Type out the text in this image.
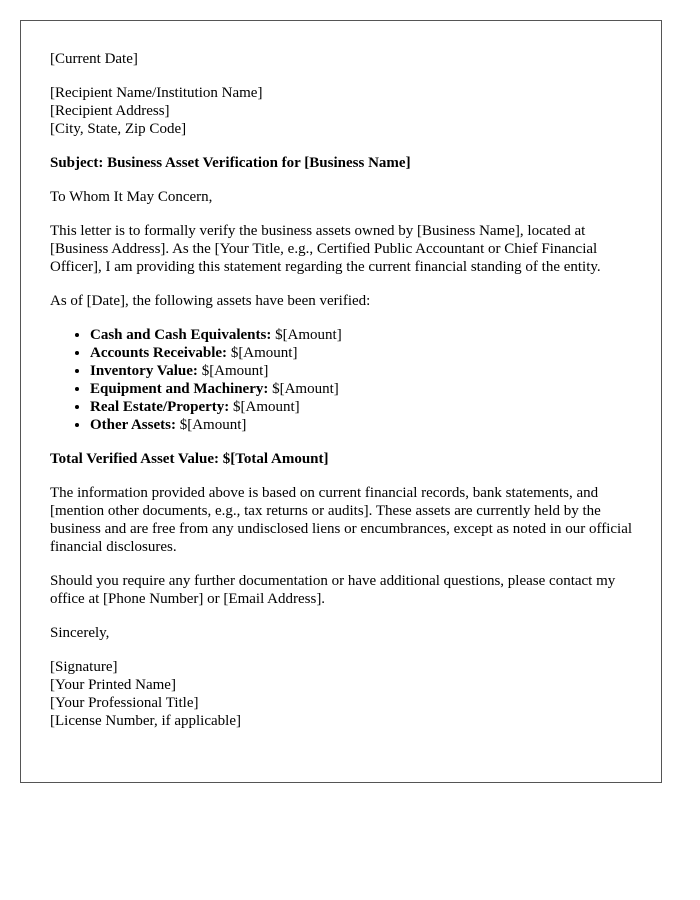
[Current Date]
[Recipient Name/Institution Name]
[Recipient Address]
[City, State, Zip Code]
Subject: Business Asset Verification for [Business Name]
To Whom It May Concern,
This letter is to formally verify the business assets owned by [Business Name], located at [Business Address]. As the [Your Title, e.g., Certified Public Accountant or Chief Financial Officer], I am providing this statement regarding the current financial standing of the entity.
As of [Date], the following assets have been verified:
• Cash and Cash Equivalents: $[Amount]
• Accounts Receivable: $[Amount]
• Inventory Value: $[Amount]
• Equipment and Machinery: $[Amount]
• Real Estate/Property: $[Amount]
• Other Assets: $[Amount]
Total Verified Asset Value: $[Total Amount]
The information provided above is based on current financial records, bank statements, and [mention other documents, e.g., tax returns or audits]. These assets are currently held by the business and are free from any undisclosed liens or encumbrances, except as noted in our official financial disclosures.
Should you require any further documentation or have additional questions, please contact my office at [Phone Number] or [Email Address].
Sincerely,
[Signature]
[Your Printed Name]
[Your Professional Title]
[License Number, if applicable]
